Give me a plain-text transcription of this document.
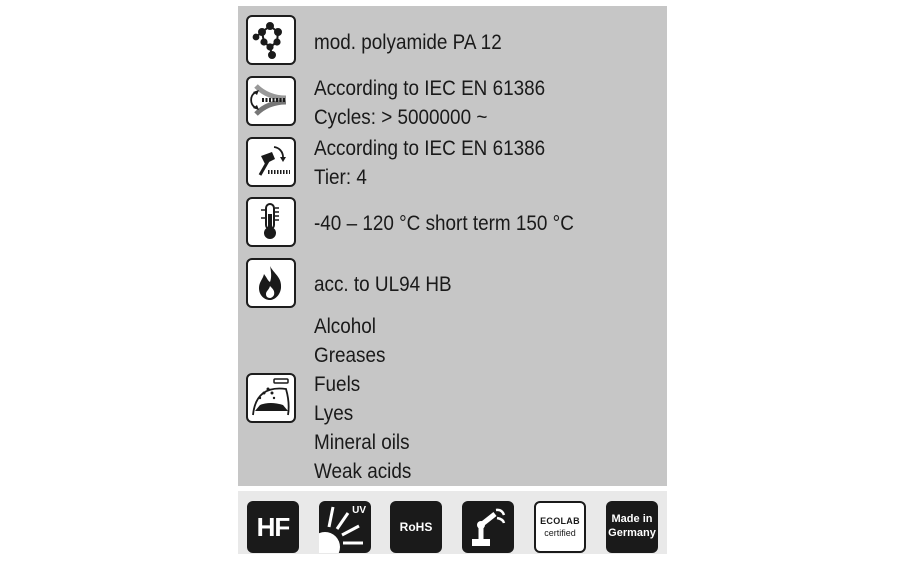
mod. polyamide PA 12
According to IEC EN 61386
Cycles: > 5000000 ~
According to IEC EN 61386
Tier: 4
-40 – 120 °C short term 150 °C
acc. to UL94 HB
Alcohol
Greases
Fuels
Lyes
Mineral oils
Weak acids
HF
UV
RoHS	ECOLAB
certified
Made in
Germany
